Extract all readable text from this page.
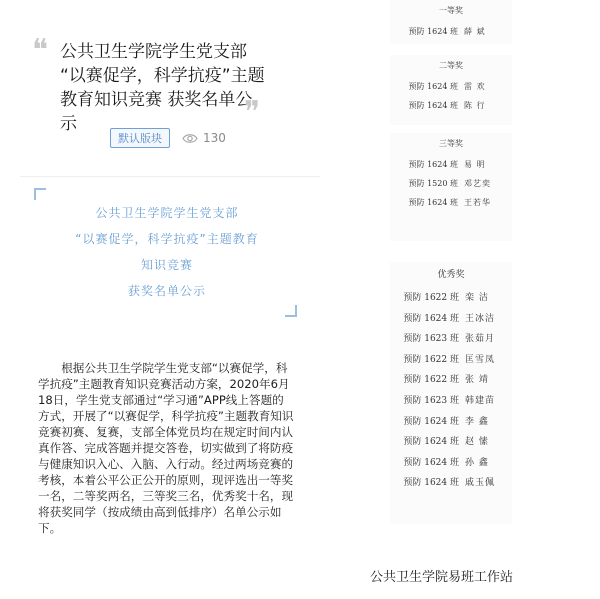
❝ 公共卫生学院学生党支部 “以赛促学，科学抗疫”主题教育知识竞赛 获奖名单公示	❞
默认版块	130
公共卫生学院学生党支部
“以赛促学，科学抗疫”主题教育
知识竞赛
获奖名单公示

根据公共卫生学院学生党支部“以赛促学，科学抗疫”主题教育知识竞赛活动方案，2020年6月18日，学生党支部通过“学习通”APP线上答题的方式，开展了“以赛促学，科学抗疫”主题教育知识竞赛初赛、复赛，支部全体党员均在规定时间内认真作答、完成答题并提交答卷，切实做到了将防疫与健康知识入心、入脑、入行动。经过两场竞赛的考核，本着公平公正公开的原则，现评选出一等奖一名，二等奖两名，三等奖三名，优秀奖十名，现将获奖同学（按成绩由高到低排序）名单公示如下。

一等奖
预防 1624 班 薛 斌
二等奖
预防 1624 班 雷 欢
预防 1624 班 陈 行
三等奖
预防 1624 班 易 明
预防 1520 班 邓艺奕
预防 1624 班 王若华
优秀奖
预防 1622 班 栾 洁
预防 1624 班 王冰洁
预防 1623 班 张茹月
预防 1622 班 匡雪凤
预防 1622 班 张 靖
预防 1623 班 韩建苗
预防 1624 班 李 鑫
预防 1624 班 赵 愫
预防 1624 班 孙 鑫
预防 1624 班 戚玉佩
公共卫生学院易班工作站
